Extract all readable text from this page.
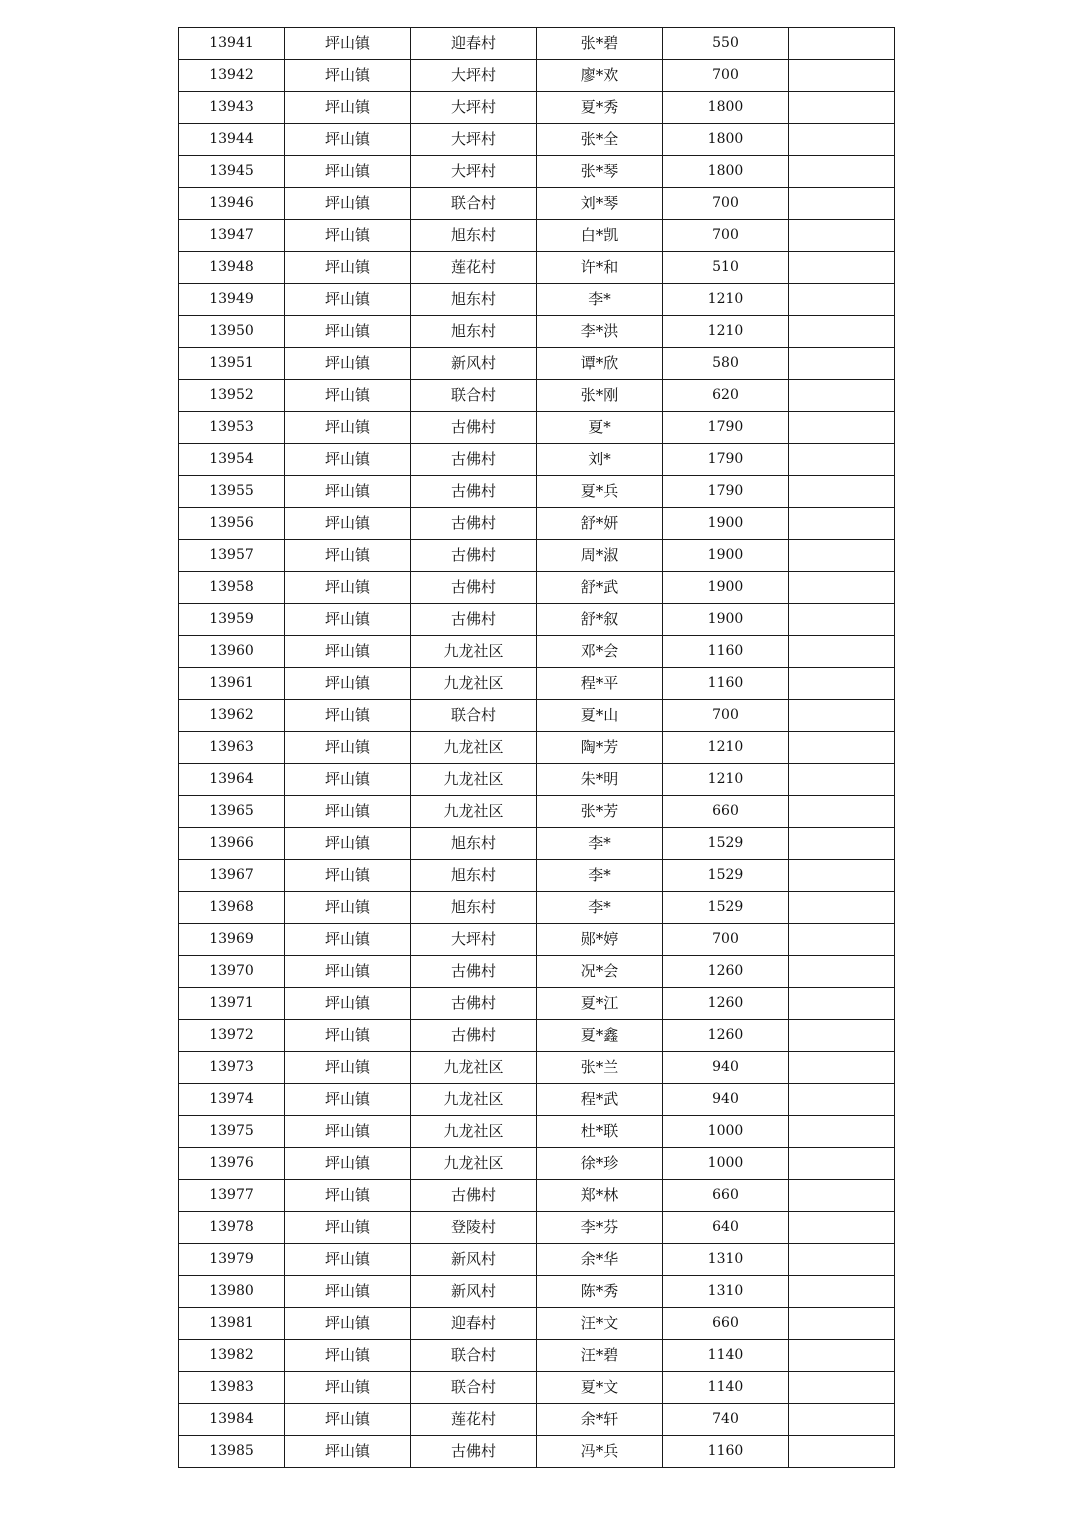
13941	坪山镇	迎春村	张*碧	550	
13942	坪山镇	大坪村	廖*欢	700	
13943	坪山镇	大坪村	夏*秀	1800	
13944	坪山镇	大坪村	张*全	1800	
13945	坪山镇	大坪村	张*琴	1800	
13946	坪山镇	联合村	刘*琴	700	
13947	坪山镇	旭东村	白*凯	700	
13948	坪山镇	莲花村	许*和	510	
13949	坪山镇	旭东村	李*	1210	
13950	坪山镇	旭东村	李*洪	1210	
13951	坪山镇	新风村	谭*欣	580	
13952	坪山镇	联合村	张*刚	620	
13953	坪山镇	古佛村	夏*	1790	
13954	坪山镇	古佛村	刘*	1790	
13955	坪山镇	古佛村	夏*兵	1790	
13956	坪山镇	古佛村	舒*妍	1900	
13957	坪山镇	古佛村	周*淑	1900	
13958	坪山镇	古佛村	舒*武	1900	
13959	坪山镇	古佛村	舒*叙	1900	
13960	坪山镇	九龙社区	邓*会	1160	
13961	坪山镇	九龙社区	程*平	1160	
13962	坪山镇	联合村	夏*山	700	
13963	坪山镇	九龙社区	陶*芳	1210	
13964	坪山镇	九龙社区	朱*明	1210	
13965	坪山镇	九龙社区	张*芳	660	
13966	坪山镇	旭东村	李*	1529	
13967	坪山镇	旭东村	李*	1529	
13968	坪山镇	旭东村	李*	1529	
13969	坪山镇	大坪村	郧*婷	700	
13970	坪山镇	古佛村	况*会	1260	
13971	坪山镇	古佛村	夏*江	1260	
13972	坪山镇	古佛村	夏*鑫	1260	
13973	坪山镇	九龙社区	张*兰	940	
13974	坪山镇	九龙社区	程*武	940	
13975	坪山镇	九龙社区	杜*联	1000	
13976	坪山镇	九龙社区	徐*珍	1000	
13977	坪山镇	古佛村	郑*林	660	
13978	坪山镇	登陵村	李*芬	640	
13979	坪山镇	新风村	余*华	1310	
13980	坪山镇	新风村	陈*秀	1310	
13981	坪山镇	迎春村	汪*文	660	
13982	坪山镇	联合村	汪*碧	1140	
13983	坪山镇	联合村	夏*文	1140	
13984	坪山镇	莲花村	余*轩	740	
13985	坪山镇	古佛村	冯*兵	1160	
